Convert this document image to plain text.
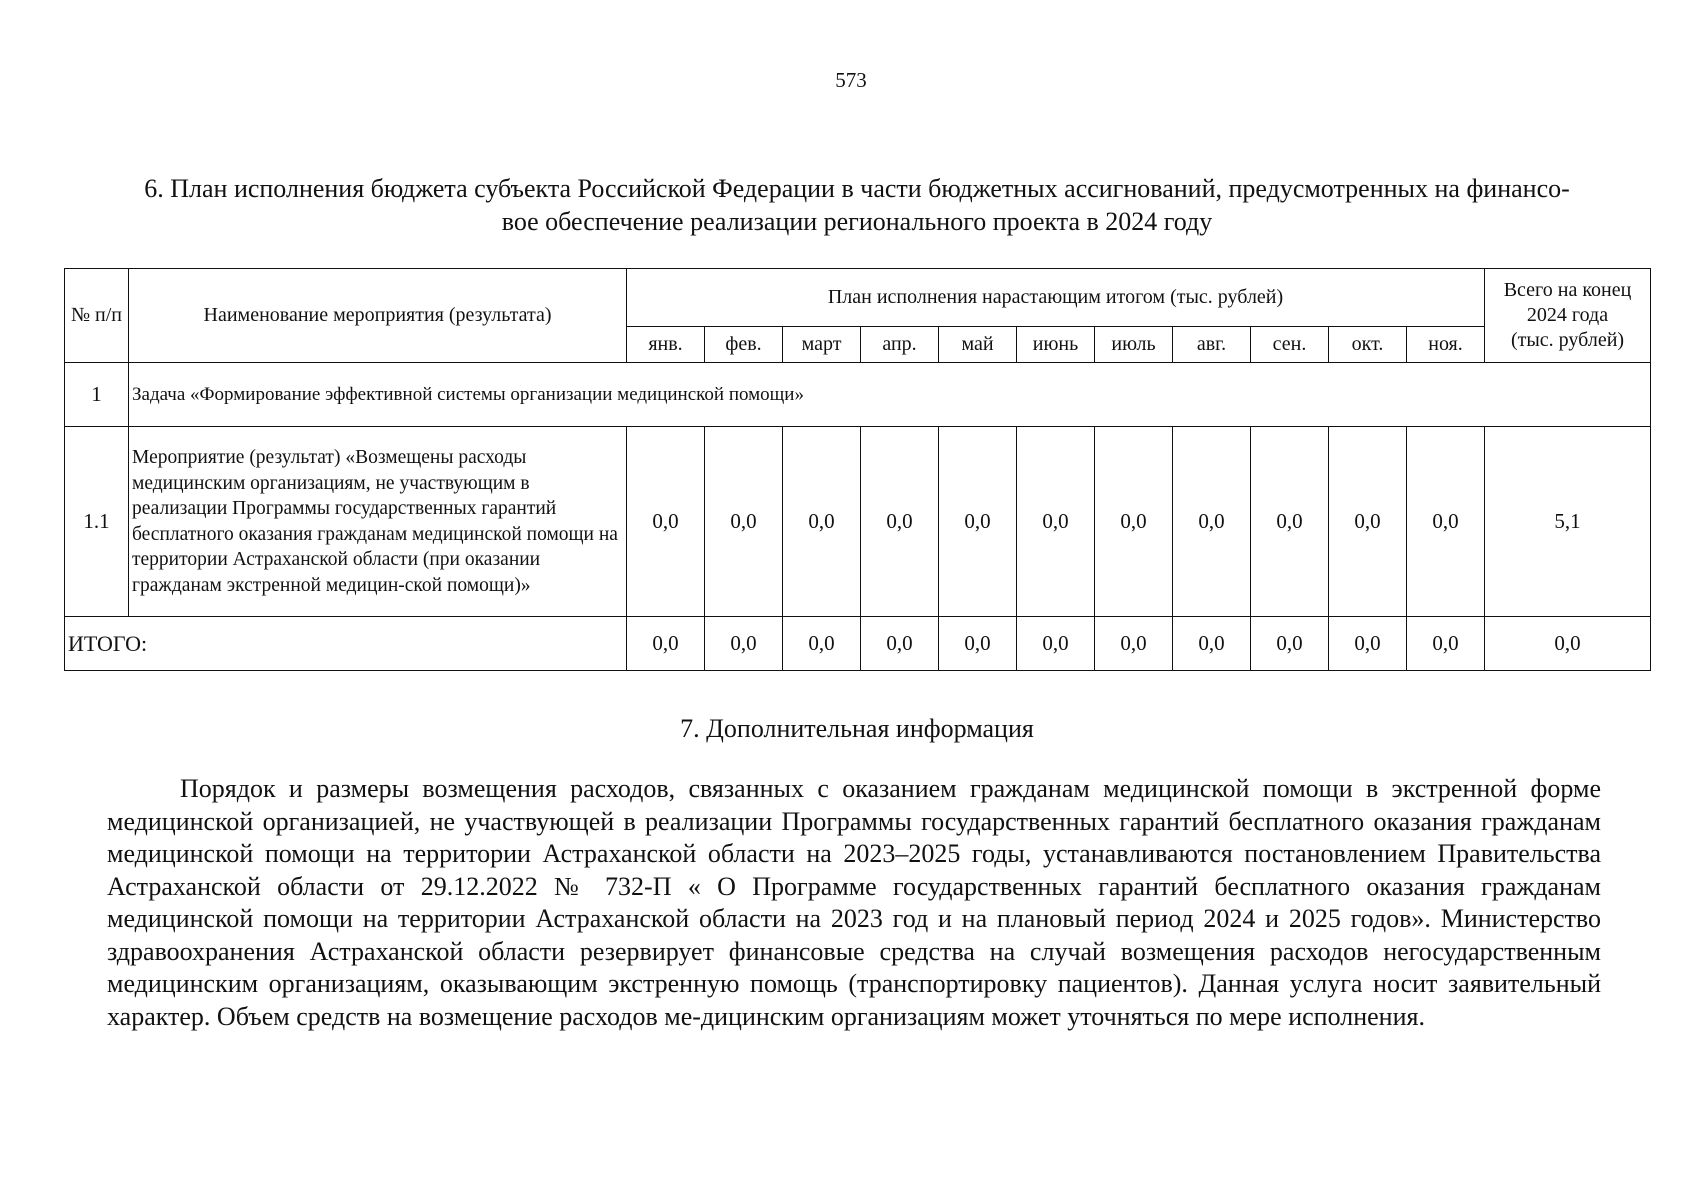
573
6. План исполнения бюджета субъекта Российской Федерации в части бюджетных ассигнований, предусмотренных на финансо-
вое обеспечение реализации регионального проекта в 2024 году
№ п/п	Наименование мероприятия (результата)	План исполнения нарастающим итогом (тыс. рублей)											Всего на конец
2024 года
(тыс. рублей)

		янв.	фев.	март	апр.	май	июнь	июль	авг.	сен.	окт.	ноя.	
1	Задача «Формирование эффективной системы организации медицинской помощи»												
1.1	Мероприятие (результат) «Возмещены расходы медицинским организациям, не участвующим в реализации Программы государственных гарантий бесплатного оказания гражданам медицинской помощи на территории Астраханской области (при оказании гражданам экстренной медицин-ской помощи)»	0,0	0,0	0,0	0,0	0,0	0,0	0,0	0,0	0,0	0,0	0,0	5,1
ИТОГО:		0,0	0,0	0,0	0,0	0,0	0,0	0,0	0,0	0,0	0,0	0,0	0,0
7. Дополнительная информация

Порядок и размеры возмещения расходов, связанных с оказанием гражданам медицинской помощи в экстренной форме медицинской организацией, не участвующей в реализации Программы государственных гарантий бесплатного оказания гражданам медицинской помощи на территории Астраханской области на 2023–2025 годы, устанавливаются постановлением Правительства Астраханской области от 29.12.2022 № 732-П « О Программе государственных гарантий бесплатного оказания гражданам медицинской помощи на территории Астраханской области на 2023 год и на плановый период 2024 и 2025 годов». Министерство здравоохранения Астраханской области резервирует финансовые средства на случай возмещения расходов негосударственным медицинским организациям, оказывающим экстренную помощь (транспортировку пациентов). Данная услуга носит заявительный характер. Объем средств на возмещение расходов ме-дицинским организациям может уточняться по мере исполнения.
